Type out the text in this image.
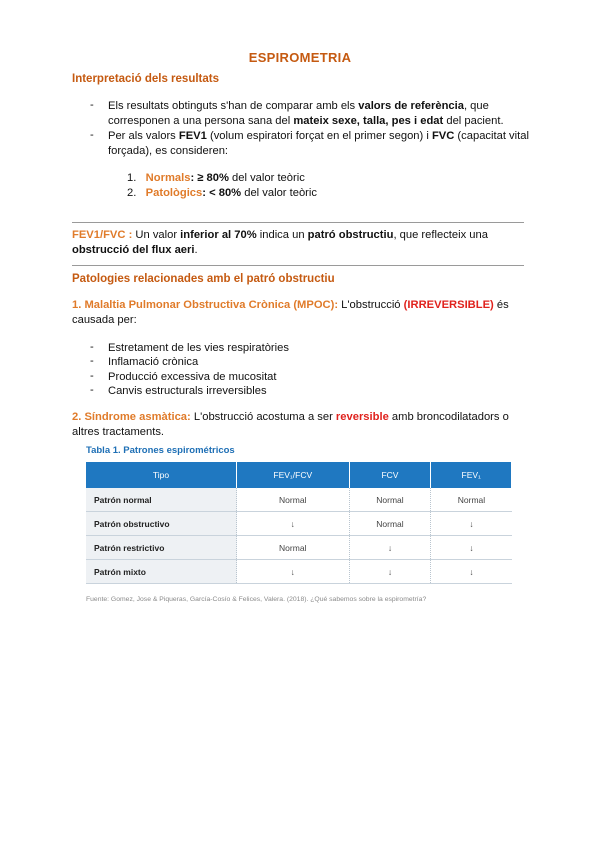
ESPIROMETRIA
Interpretació dels resultats
- Els resultats obtinguts s'han de comparar amb els valors de referència, que corresponen a una persona sana del mateix sexe, talla, pes i edat del pacient.
- Per als valors FEV1 (volum espiratori forçat en el primer segon) i FVC (capacitat vital forçada), es consideren:
1. Normals: ≥ 80% del valor teòric
2. Patològics: < 80% del valor teòric
FEV1/FVC : Un valor inferior al 70% indica un patró obstructiu, que reflecteix una obstrucció del flux aeri.
Patologies relacionades amb el patró obstructiu
1. Malaltia Pulmonar Obstructiva Crònica (MPOC): L'obstrucció (IRREVERSIBLE) és causada per:
- Estretament de les vies respiratòries
- Inflamació crònica
- Producció excessiva de mucositat
- Canvis estructurals irreversibles
2. Síndrome asmàtica: L'obstrucció acostuma a ser reversible amb broncodilatadors o altres tractaments.
Tabla 1. Patrones espirométricos
Tipo	FEV₁/FCV	FCV	FEV₁
Patrón normal	Normal	Normal	Normal
Patrón obstructivo	↓	Normal	↓
Patrón restrictivo	Normal	↓	↓
Patrón mixto	↓	↓	↓
Fuente: Gomez, Jose & Piqueras, García-Cosío & Felices, Valera. (2018). ¿Qué sabemos sobre la espirometría?
